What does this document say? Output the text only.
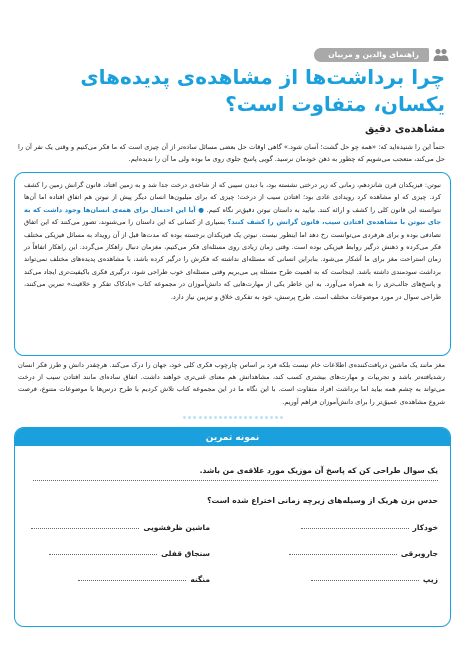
راهنمای والدین و مربیان
چرا برداشت‌ها از مشاهده‌ی پدیده‌های یکسان، متفاوت است؟
مشاهده‌ی دقیق

حتماً این را شنیده‌اید که: «همه‌ چو حل گشت؛ آسان شود.» گاهی اوقات حل بعضی مسائل ساده‌تر از آن چیزی است که ما فکر می‌کنیم و وقتی یک نفر آن را حل می‌کند، متعجب می‌شویم که چطور به ذهن خودمان نرسید. گویی پاسخ جلوی روی ما بوده ولی ما آن را ندیده‌ایم.

نیوتن: فیزیکدان قرن شانزدهم، زمانی که زیر درختی نشسته بود، با دیدن سیبی که از شاخه‌ی درخت جدا شد و به زمین افتاد، قانون گرانش زمین را کشف کرد. چیزی که او مشاهده کرد رویدادی عادی بود؛ افتادن سیب از درخت؛ چیزی که برای میلیون‌ها انسان دیگر پیش از نیوتن هم اتفاق افتاده اما آن‌ها نتوانسته این قانون کلی را کشف و ارائه کنند. بیایید به داستان نیوتن دقیق‌تر نگاه کنیم. ● آیا این احتمال برای همه‌ی انسان‌ها وجود داشت که به جای نیوتن با مشاهده‌ی افتادن سیب، قانون گرانش را کشف کنند؟ بسیاری از کسانی که این داستان را می‌شنوند، تصور می‌کنند که این اتفاق تصادفی بوده و برای هرفردی می‌توانست رخ دهد اما اینطور نیست. نیوتن یک فیزیکدان برجسته بوده که مدت‌ها قبل از آن رویداد به مسائل فیزیکی مختلف فکر می‌کرده و ذهنش درگیر روابط فیزیکی بوده است. وقتی زمان زیادی روی مسئله‌ای فکر می‌کنیم، مغزمان دنبال راهکار می‌گردد. این راهکار اتفاقاً در زمان استراحت مغز برای ما آشکار می‌شود. بنابراین انسانی که مسئله‌ای نداشته که فکرش را درگیر کرده باشد، با مشاهده‌ی پدیده‌های مختلف نمی‌تواند برداشت سودمندی داشته باشد. اینجاست که به اهمیت طرح مسئله پی می‌بریم وقتی مسئله‌ای خوب طراحی شود، درگیری فکری باکیفیت‌تری ایجاد می‌کند و پاسخ‌های جالب‌تری را به همراه می‌آورد. به این خاطر یکی از مهارت‌هایی که دانش‌آموزان در مجموعه کتاب «بادکاک تفکر و خلاقیت» تمرین می‌کنند، طراحی سوال در مورد موضوعات مختلف است. طرح پرسش، خود به تفکری خلاق و تیزبین نیاز دارد.

مغز مانند یک ماشین دریافت‌کننده‌ی اطلاعات خام نیست بلکه فرد بر اساس چارچوب فکری کلی خود، جهان را درک می‌کند. هرچقدر دانش و طرز فکر انسان رشدیافته‌تر باشد و تجربیات و مهارت‌های بیشتری کسب کند، مشاهداتش هم معنای غنی‌تری خواهند داشت. اتفاق ساده‌ای مانند افتادن سیب از درخت می‌تواند به چشم همه بیاید اما برداشت افراد متفاوت است. با این نگاه ما در این مجموعه کتاب تلاش کردیم با طرح درس‌ها با موضوعات متنوع، فرصت شروع مشاهده‌ی عمیق‌تر را برای دانش‌آموزان فراهم آوریم.

نمونه تمرین

یک سوال طراحی کن که پاسخ آن موزیک مورد علاقه‌ی من باشد.

حدس بزن هریک از وسیله‌های زیرچه زمانی اختراع شده است؟

خودکار
ماشین ظرفشویی
جاروبرقی
سنجاق قفلی
زیپ
منگنه
